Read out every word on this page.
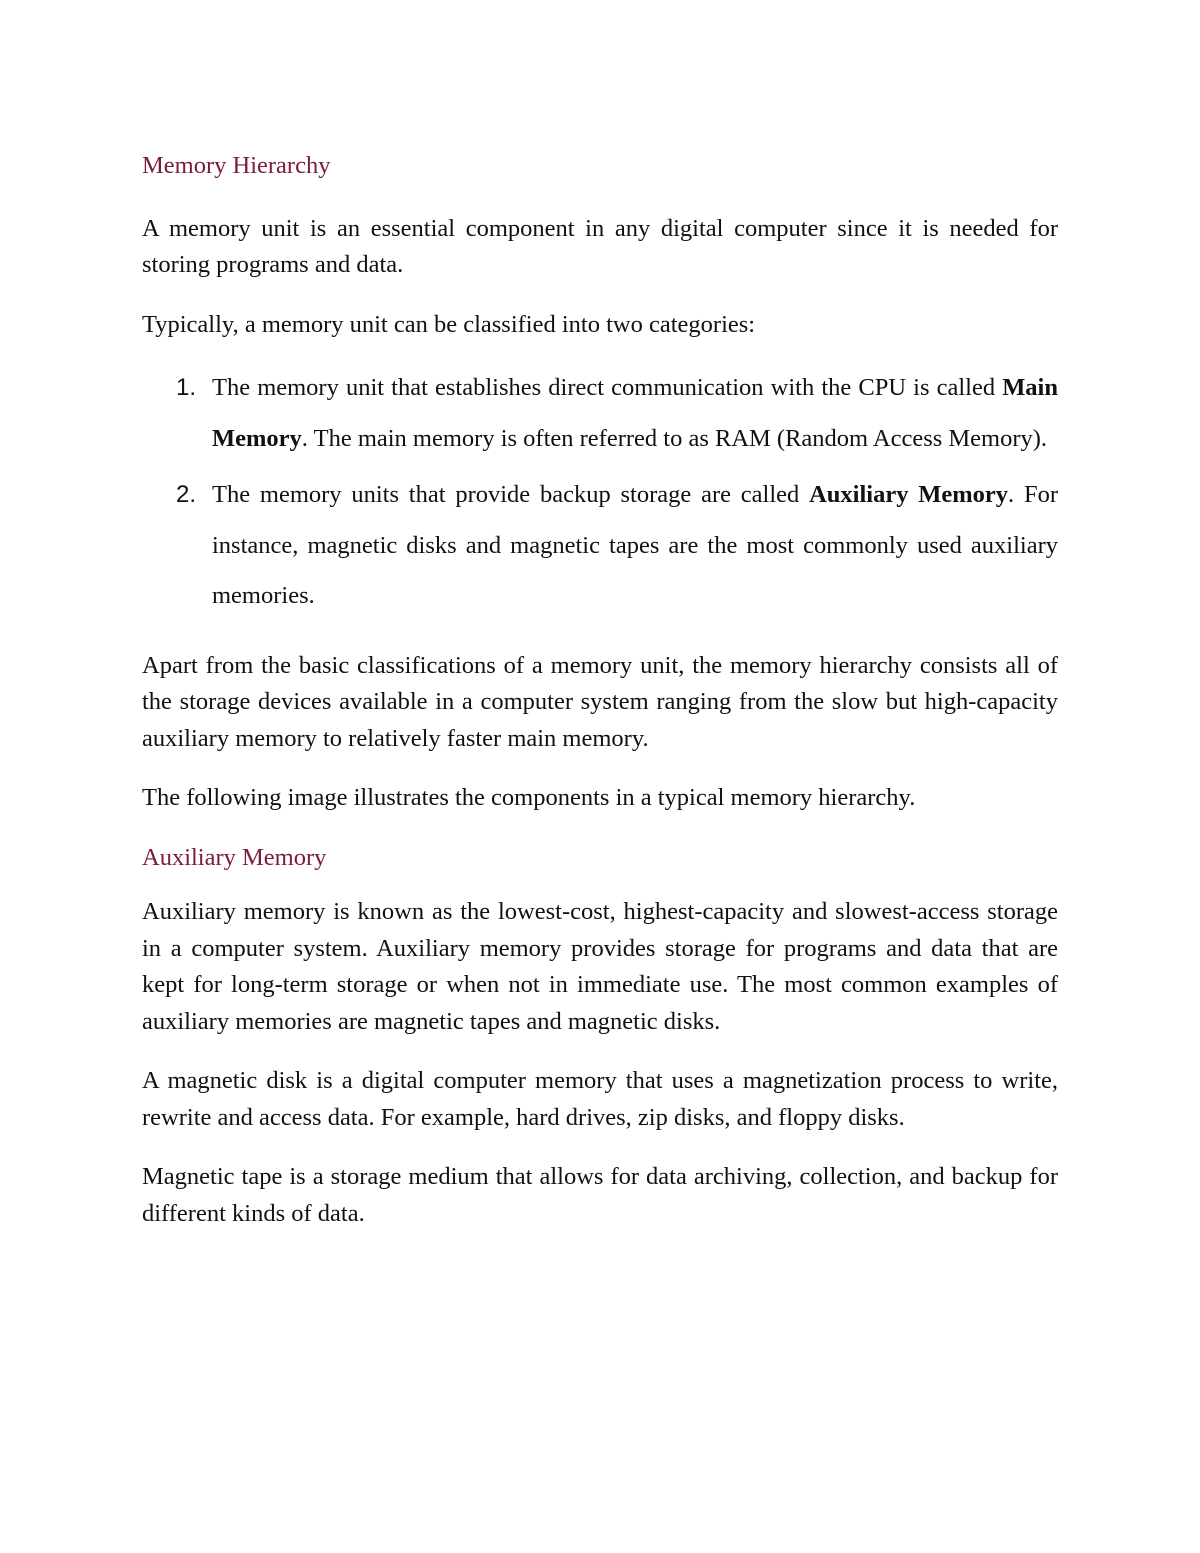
Memory Hierarchy

A memory unit is an essential component in any digital computer since it is needed for storing programs and data.

Typically, a memory unit can be classified into two categories:

1. The memory unit that establishes direct communication with the CPU is called Main Memory. The main memory is often referred to as RAM (Random Access Memory).
2. The memory units that provide backup storage are called Auxiliary Memory. For instance, magnetic disks and magnetic tapes are the most commonly used auxiliary memories.

Apart from the basic classifications of a memory unit, the memory hierarchy consists all of the storage devices available in a computer system ranging from the slow but high-capacity auxiliary memory to relatively faster main memory.

The following image illustrates the components in a typical memory hierarchy.

Auxiliary Memory

Auxiliary memory is known as the lowest-cost, highest-capacity and slowest-access storage in a computer system. Auxiliary memory provides storage for programs and data that are kept for long-term storage or when not in immediate use. The most common examples of auxiliary memories are magnetic tapes and magnetic disks.

A magnetic disk is a digital computer memory that uses a magnetization process to write, rewrite and access data. For example, hard drives, zip disks, and floppy disks.

Magnetic tape is a storage medium that allows for data archiving, collection, and backup for different kinds of data.
